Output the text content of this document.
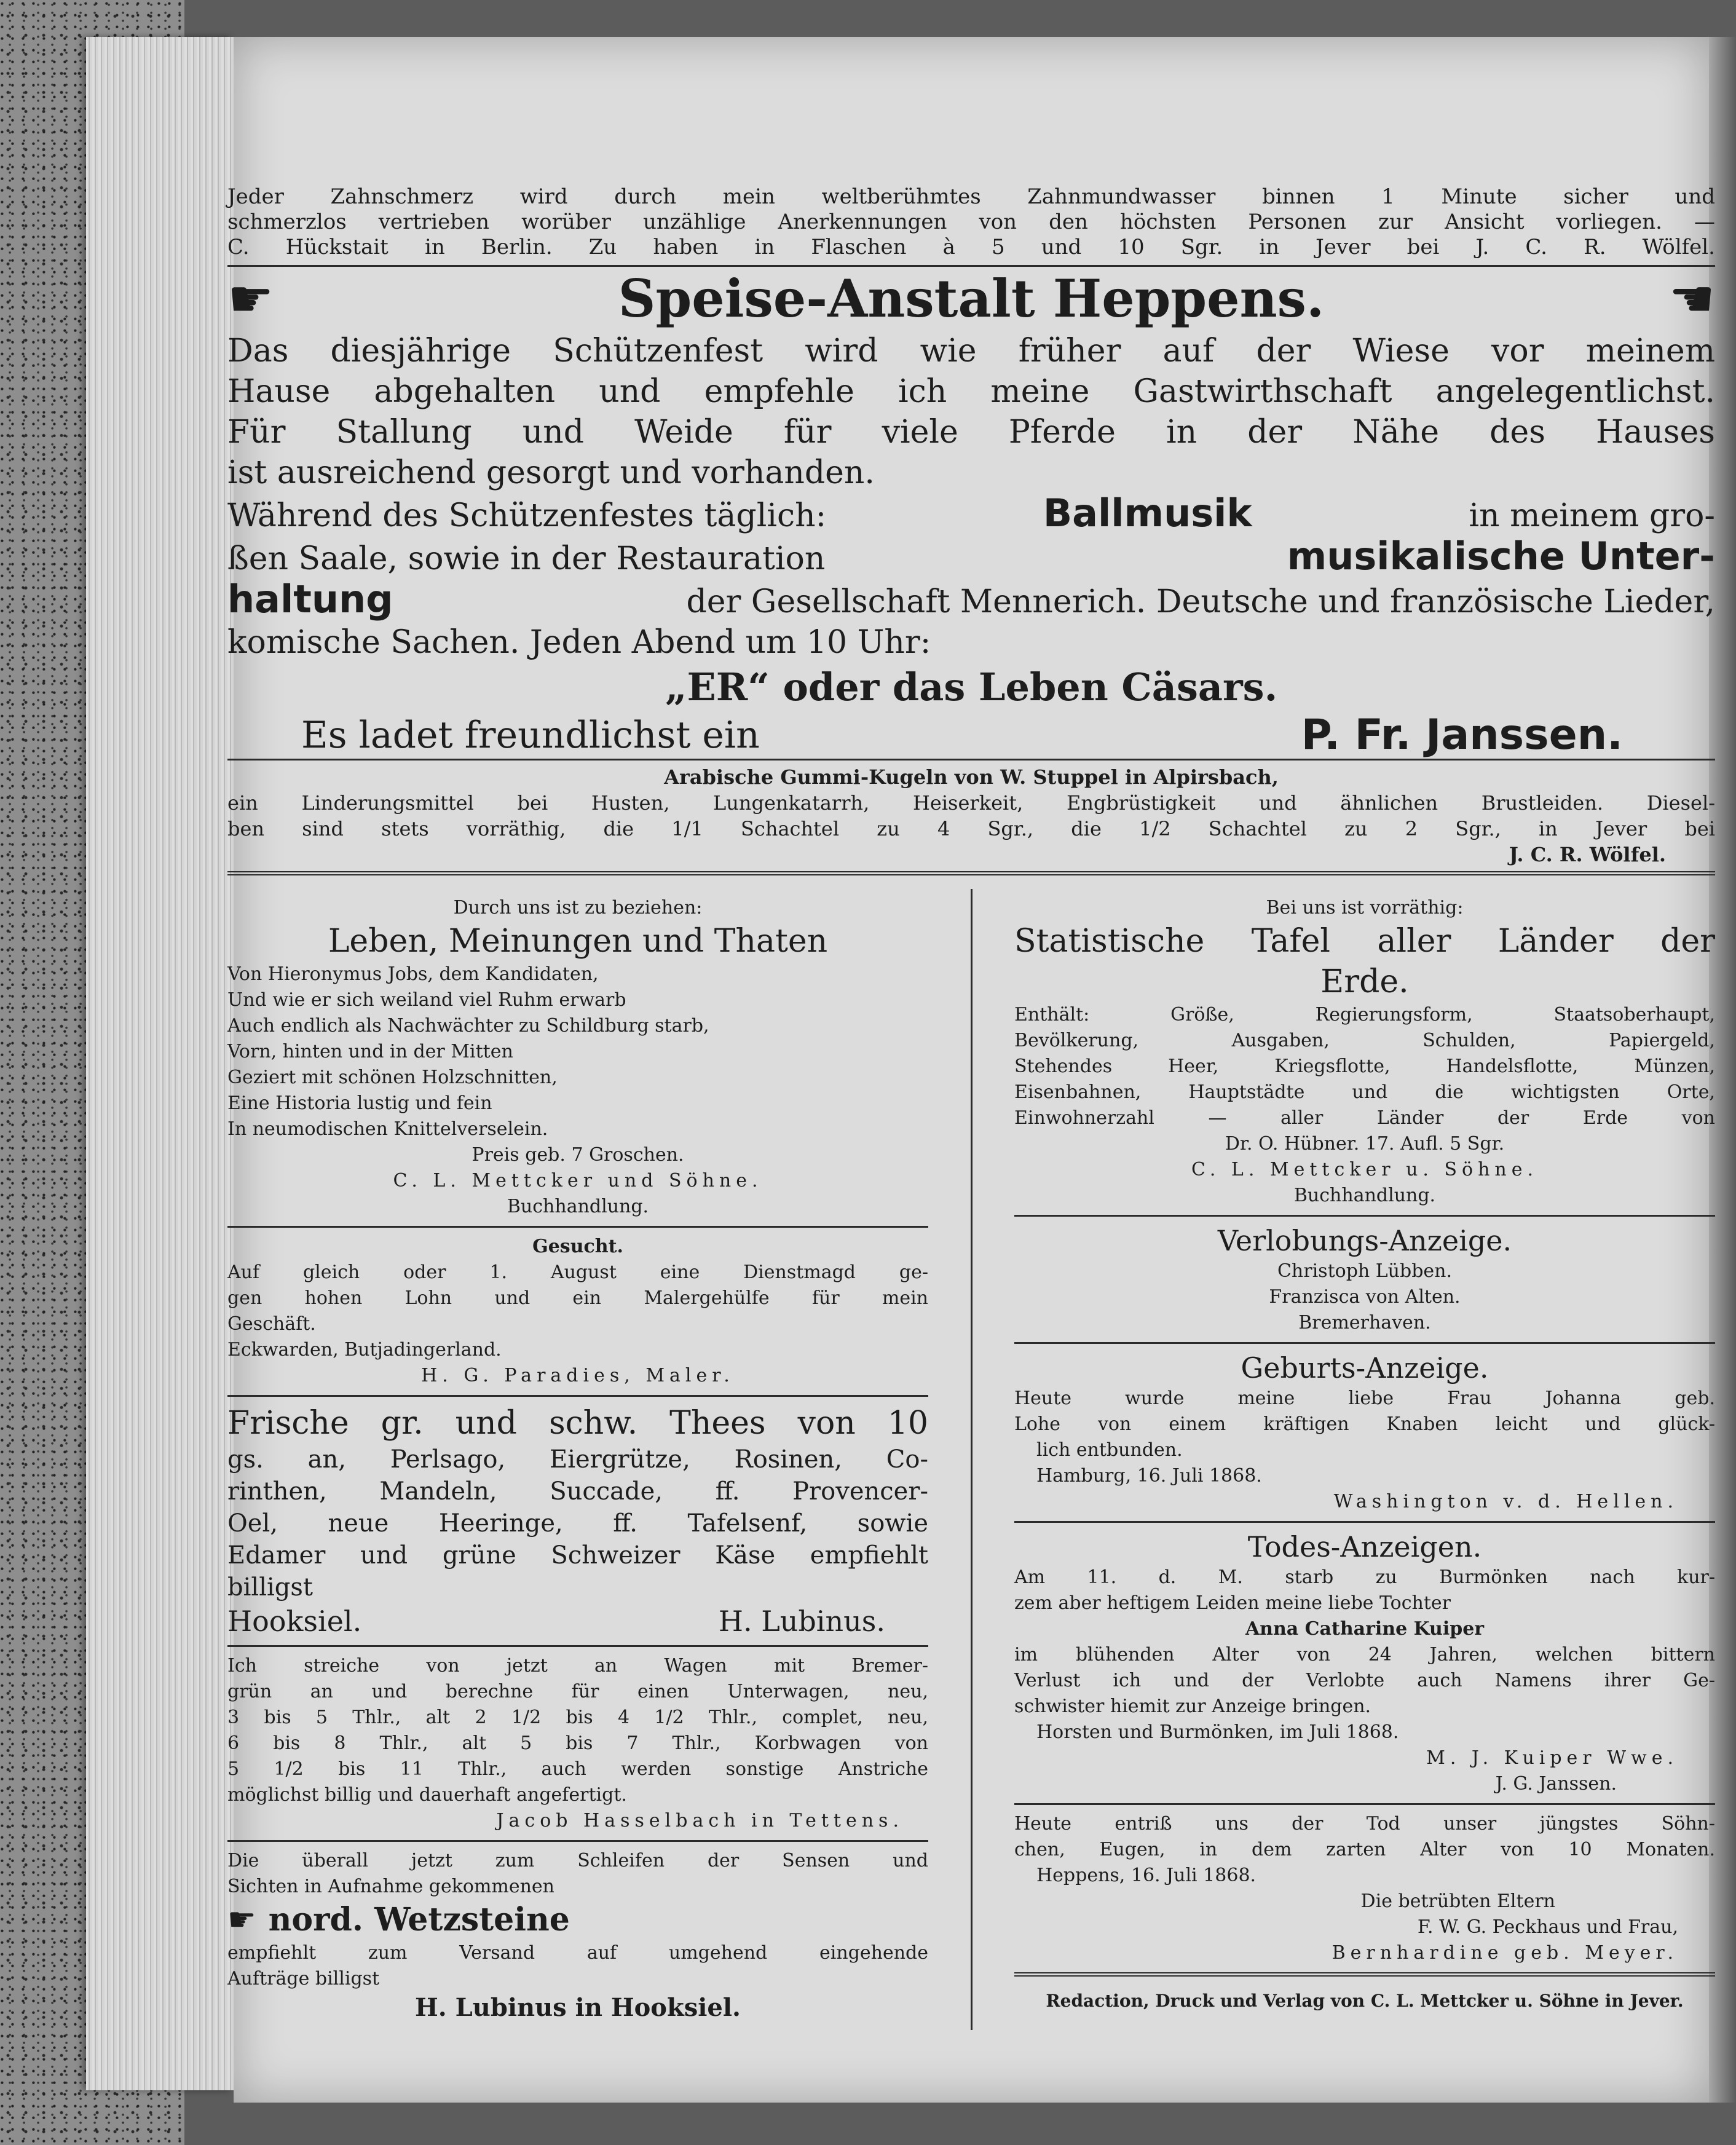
Jeder Zahnschmerz wird durch mein weltberühmtes Zahnmundwasser binnen 1 Minute sicher und
schmerzlos vertrieben worüber unzählige Anerkennungen von den höchsten Personen zur Ansicht vorliegen. —
C. Hückstait in Berlin. Zu haben in Flaschen à 5 und 10 Sgr. in Jever bei J. C. R. Wölfel.
☛	Speise-Anstalt Heppens.	☚
Das diesjährige Schützenfest wird wie früher auf der Wiese vor meinem
Hause abgehalten und empfehle ich meine Gastwirthschaft angelegentlichst.
Für Stallung und Weide für viele Pferde in der Nähe des Hauses
ist ausreichend gesorgt und vorhanden.
Während des Schützenfestes täglich:	Ballmusik	in meinem gro-
ßen Saale, sowie in der Restauration	musikalische Unter-
haltung	der Gesellschaft Mennerich. Deutsche und französische Lieder,
komische Sachen. Jeden Abend um 10 Uhr:
„ER“ oder das Leben Cäsars.
Es ladet freundlichst ein	P. Fr. Janssen.
Arabische Gummi-Kugeln von W. Stuppel in Alpirsbach,
ein Linderungsmittel bei Husten, Lungenkatarrh, Heiserkeit, Engbrüstigkeit und ähnlichen Brustleiden. Diesel-
ben sind stets vorräthig, die 1/1 Schachtel zu 4 Sgr., die 1/2 Schachtel zu 2 Sgr., in Jever bei
J. C. R. Wölfel.
Durch uns ist zu beziehen:
Leben, Meinungen und Thaten
Von Hieronymus Jobs, dem Kandidaten,
Und wie er sich weiland viel Ruhm erwarb
Auch endlich als Nachwächter zu Schildburg starb,
Vorn, hinten und in der Mitten
Geziert mit schönen Holzschnitten,
Eine Historia lustig und fein
In neumodischen Knittelverselein.
Preis geb. 7 Groschen.
C. L. Mettcker und Söhne.
Buchhandlung.
Gesucht.
Auf gleich oder 1. August eine Dienstmagd ge-
gen hohen Lohn und ein Malergehülfe für mein
Geschäft.
Eckwarden, Butjadingerland.
H. G. Paradies, Maler.
Frische gr. und schw. Thees von 10
gs. an, Perlsago, Eiergrütze, Rosinen, Co-
rinthen, Mandeln, Succade, ff. Provencer-
Oel, neue Heeringe, ff. Tafelsenf, sowie
Edamer und grüne Schweizer Käse empfiehlt
billigst
Hooksiel.	H. Lubinus.
Ich streiche von jetzt an Wagen mit Bremer-
grün an und berechne für einen Unterwagen, neu,
3 bis 5 Thlr., alt 2 1/2 bis 4 1/2 Thlr., complet, neu,
6 bis 8 Thlr., alt 5 bis 7 Thlr., Korbwagen von
5 1/2 bis 11 Thlr., auch werden sonstige Anstriche
möglichst billig und dauerhaft angefertigt.
Jacob Hasselbach in Tettens.
Die überall jetzt zum Schleifen der Sensen und
Sichten in Aufnahme gekommenen
☛ nord. Wetzsteine
empfiehlt zum Versand auf umgehend eingehende
Aufträge billigst
H. Lubinus in Hooksiel.
Bei uns ist vorräthig:
Statistische Tafel aller Länder der
Erde.
Enthält: Größe, Regierungsform, Staatsoberhaupt,
Bevölkerung, Ausgaben, Schulden, Papiergeld,
Stehendes Heer, Kriegsflotte, Handelsflotte, Münzen,
Eisenbahnen, Hauptstädte und die wichtigsten Orte,
Einwohnerzahl — aller Länder der Erde von
Dr. O. Hübner. 17. Aufl. 5 Sgr.
C. L. Mettcker u. Söhne.
Buchhandlung.
Verlobungs-Anzeige.
Christoph Lübben.
Franzisca von Alten.
Bremerhaven.
Geburts-Anzeige.
Heute wurde meine liebe Frau Johanna geb.
Lohe von einem kräftigen Knaben leicht und glück-
lich entbunden.
Hamburg, 16. Juli 1868.
Washington v. d. Hellen.
Todes-Anzeigen.
Am 11. d. M. starb zu Burmönken nach kur-
zem aber heftigem Leiden meine liebe Tochter
Anna Catharine Kuiper
im blühenden Alter von 24 Jahren, welchen bittern
Verlust ich und der Verlobte auch Namens ihrer Ge-
schwister hiemit zur Anzeige bringen.
Horsten und Burmönken, im Juli 1868.
M. J. Kuiper Wwe.
J. G. Janssen.
Heute entriß uns der Tod unser jüngstes Söhn-
chen, Eugen, in dem zarten Alter von 10 Monaten.
Heppens, 16. Juli 1868.
Die betrübten Eltern
F. W. G. Peckhaus und Frau,
Bernhardine geb. Meyer.
Redaction, Druck und Verlag von C. L. Mettcker u. Söhne in Jever.
